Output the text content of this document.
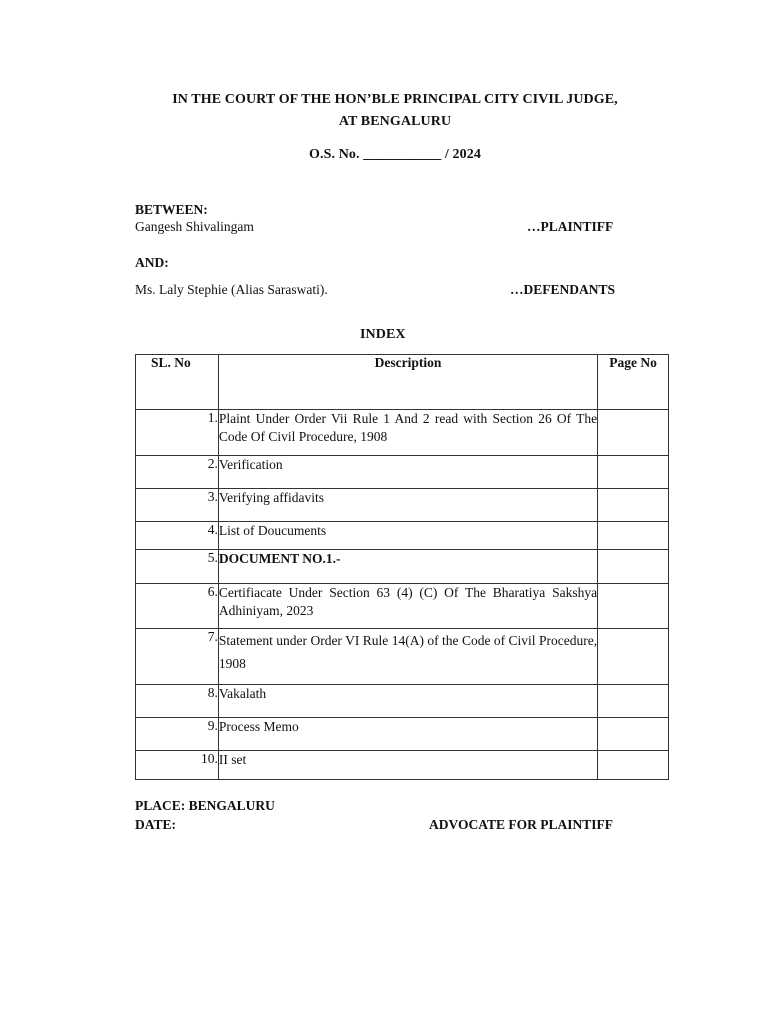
IN THE COURT OF THE HON’BLE PRINCIPAL CITY CIVIL JUDGE,
AT BENGALURU
O.S. No. ___________ / 2024
BETWEEN:
Gangesh Shivalingam	…PLAINTIFF
AND:
Ms. Laly Stephie (Alias Saraswati).	…DEFENDANTS
INDEX
SL. No	Description	Page No
1.	Plaint Under Order Vii Rule 1 And 2 read with Section 26 Of The Code Of Civil Procedure, 1908	
2.	Verification	
3.	Verifying affidavits	
4.	List of Doucuments	
5.	DOCUMENT NO.1.-	
6.	Certifiacate Under Section 63 (4) (C) Of The Bharatiya Sakshya Adhiniyam, 2023	
7.	Statement under Order VI Rule 14(A) of the Code of Civil Procedure, 1908	
8.	Vakalath	
9.	Process Memo	
10.	II set	
PLACE: BENGALURU
DATE:	ADVOCATE FOR PLAINTIFF
